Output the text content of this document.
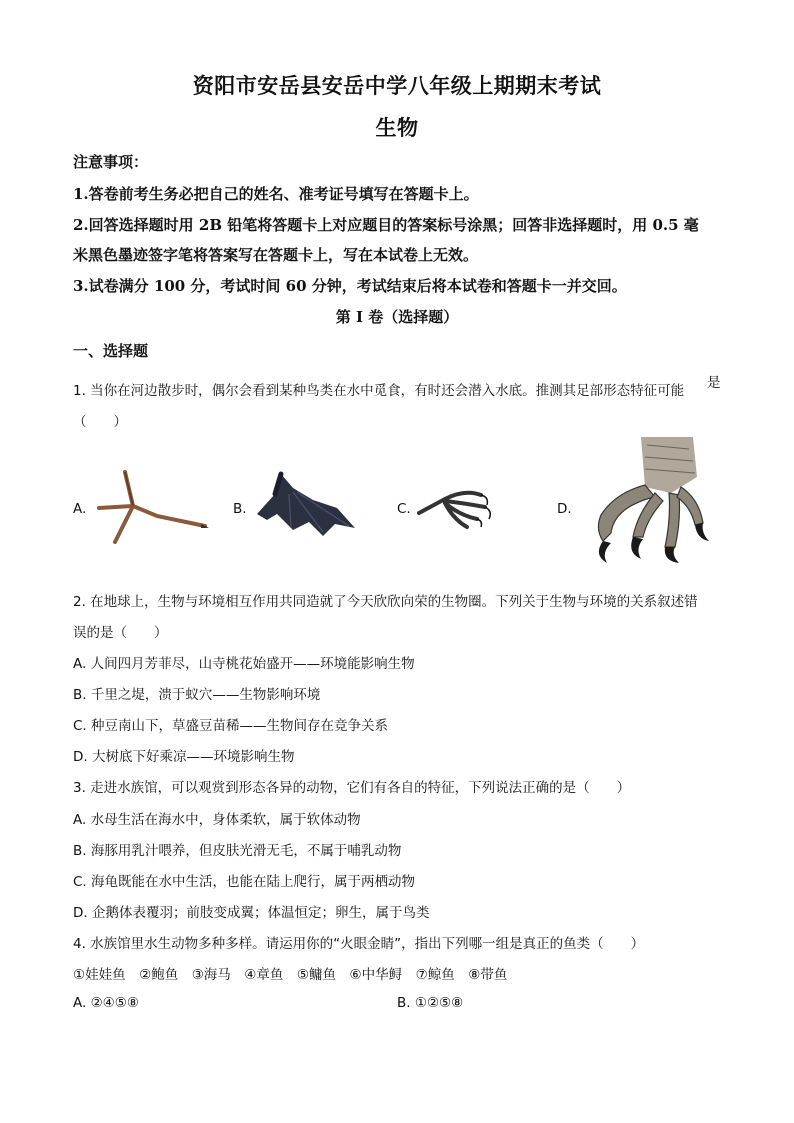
资阳市安岳县安岳中学八年级上期期末考试
生物
注意事项：
1.答卷前考生务必把自己的姓名、准考证号填写在答题卡上。
2.回答选择题时用 2B 铅笔将答题卡上对应题目的答案标号涂黑；回答非选择题时，用 0.5 毫
米黑色墨迹签字笔将答案写在答题卡上，写在本试卷上无效。
3.试卷满分 100 分，考试时间 60 分钟，考试结束后将本试卷和答题卡一并交回。
第 I 卷（选择题）
一、选择题
1. 当你在河边散步时，偶尔会看到某种鸟类在水中觅食，有时还会潜入水底。推测其足部形态特征可能 是
（　　）
A.	B.	C.	D.
2. 在地球上，生物与环境相互作用共同造就了今天欣欣向荣的生物圈。下列关于生物与环境的关系叙述错
误的是（　　）
A. 人间四月芳菲尽，山寺桃花始盛开——环境能影响生物
B. 千里之堤，溃于蚁穴——生物影响环境
C. 种豆南山下，草盛豆苗稀——生物间存在竞争关系
D. 大树底下好乘凉——环境影响生物
3. 走进水族馆，可以观赏到形态各异的动物，它们有各自的特征，下列说法正确的是（　　）
A. 水母生活在海水中，身体柔软，属于软体动物
B. 海豚用乳汁喂养，但皮肤光滑无毛，不属于哺乳动物
C. 海龟既能在水中生活，也能在陆上爬行，属于两栖动物
D. 企鹅体表覆羽；前肢变成翼；体温恒定；卵生，属于鸟类
4. 水族馆里水生动物多种多样。请运用你的“火眼金睛”，指出下列哪一组是真正的鱼类（　　）
①娃娃鱼　②鲍鱼　③海马　④章鱼　⑤鳙鱼　⑥中华鲟　⑦鲸鱼　⑧带鱼
A. ②④⑤⑧	B. ①②⑤⑧
